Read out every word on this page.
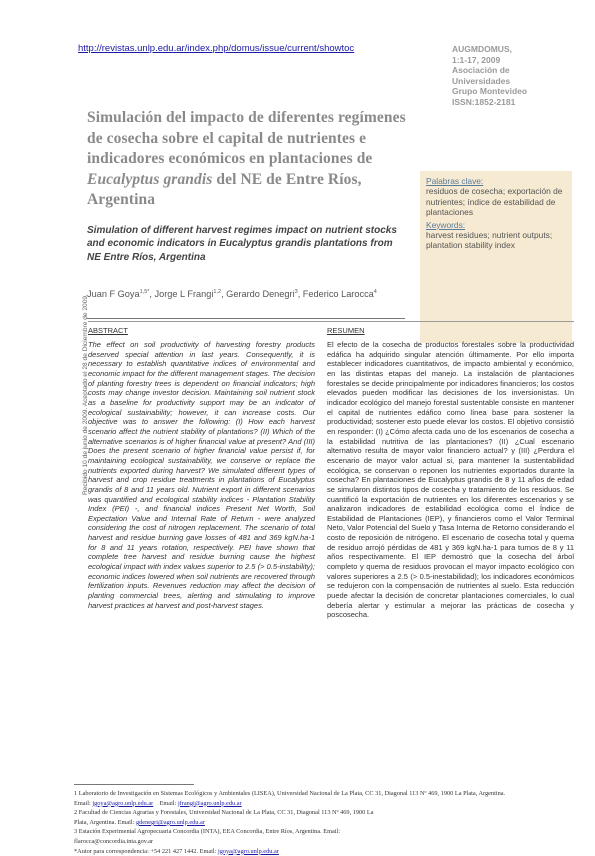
http://revistas.unlp.edu.ar/index.php/domus/issue/current/showtoc	AUGMDOMUS,
1:1-17, 2009
Asociación de
Universidades
Grupo Montevideo
ISSN:1852-2181
Simulación del impacto de diferentes regímenes de cosecha sobre el capital de nutrientes e indicadores económicos en plantaciones de Eucalyptus grandis del NE de Entre Ríos, Argentina
Simulation of different harvest regimes impact on nutrient stocks and economic indicators in Eucalyptus grandis plantations from NE Entre Ríos, Argentina
Palabras clave:
residuos de cosecha; exportación de nutrientes; índice de estabilidad de plantaciones
Keywords:
harvest residues; nutrient outputs; plantation stability index
Juan F Goya$^{1,5*}$, Jorge L Frangi$^{1,2}$, Gerardo Denegri$^3$, Federico Larocca$^4$
Recibido 10 de junio de 2009. Aceptado el 28 de Diciembre de 2009. ABSTRACT	RESUMEN
The effect on soil productivity of harvesting forestry products deserved special attention in last years. Consequently, it is necessary to establish quantitative indices of environmental and economic impact for the different management stages. The decision of planting forestry trees is dependent on financial indicators; high costs may change investor decision. Maintaining soil nutrient stock as a baseline for productivity support may be an indicator of ecological sustainability; however, it can increase costs. Our objective was to answer the following: (I) How each harvest scenario affect the nutrient stability of plantations? (II) Which of the alternative scenarios is of higher financial value at present? And (III) Does the present scenario of higher financial value persist if, for maintaining ecological sustainability, we conserve or replace the nutrients exported during harvest? We simulated different types of harvest and crop residue treatments in plantations of Eucalyptus grandis of 8 and 11 years old. Nutrient export in different scenarios was quantified and ecological stability indices - Plantation Stability Index (PEI) -, and financial indices Present Net Worth, Soil Expectation Value and Internal Rate of Return - were analyzed considering the cost of nitrogen replacement. The scenario of total harvest and residue burning gave losses of 481 and 369 kgN.ha-1 for 8 and 11 years rotation, respectively. PEI have shown that complete tree harvest and residue burning cause the highest ecological impact with index values superior to 2.5 (> 0.5-instability); economic indices lowered when soil nutrients are recovered through fertilization inputs. Revenues reduction may affect the decision of planting commercial trees, alerting and stimulating to improve harvest practices at harvest and post-harvest stages.
El efecto de la cosecha de productos forestales sobre la productividad edáfica ha adquirido singular atención últimamente. Por ello importa establecer indicadores cuantitativos, de impacto ambiental y económico, en las distintas etapas del manejo. La instalación de plantaciones forestales se decide principalmente por indicadores financieros; los costos elevados pueden modificar las decisiones de los inversionistas. Un indicador ecológico del manejo forestal sustentable consiste en mantener el capital de nutrientes edáfico como línea base para sostener la productividad; sostener esto puede elevar los costos. El objetivo consistió en responder: (I) ¿Cómo afecta cada uno de los escenarios de cosecha a la estabilidad nutritiva de las plantaciones? (II) ¿Cual escenario alternativo resulta de mayor valor financiero actual? y (III) ¿Perdura el escenario de mayor valor actual si, para mantener la sustentabilidad ecológica, se conservan o reponen los nutrientes exportados durante la cosecha? En plantaciones de Eucalyptus grandis de 8 y 11 años de edad se simularon distintos tipos de cosecha y tratamiento de los residuos. Se cuantificó la exportación de nutrientes en los diferentes escenarios y se analizaron indicadores de estabilidad ecológica como el Índice de Estabilidad de Plantaciones (IEP), y financieros como el Valor Terminal Neto, Valor Potencial del Suelo y Tasa Interna de Retorno considerando el costo de reposición de nitrógeno. El escenario de cosecha total y quema de residuo arrojó pérdidas de 481 y 369 kgN.ha-1 para turnos de 8 y 11 años respectivamente. El IEP demostró que la cosecha del árbol completo y quema de residuos provocan el mayor impacto ecológico con valores superiores a 2.5 (> 0.5-inestabilidad); los indicadores económicos se redujeron con la compensación de nutrientes al suelo. Esta reducción puede afectar la decisión de concretar plantaciones comerciales, lo cual debería alertar y estimular a mejorar las prácticas de cosecha y poscosecha.
1 Laboratorio de Investigación en Sistemas Ecológicos y Ambientales (LISEA), Universidad Nacional de La Plata, CC 31, Diagonal 113 Nº 469, 1900 La Plata, Argentina.
Email: jgoya@agro.unlp.edu.ar Email: jfrangi@agro.unlp.edu.ar
2 Facultad de Ciencias Agrarias y Forestales, Universidad Nacional de La Plata, CC 31, Diagonal 113 Nº 469, 1900 La
Plata, Argentina. Email: gdenegri@agro.unlp.edu.ar
3 Estación Experimental Agropecuaria Concordia (INTA), EEA Concordia, Entre Ríos, Argentina. Email:
flarocca@concordia.inta.gov.ar
*Autor para correspondencia: +54 221 427 1442. Email: jgoya@agro.unlp.edu.ar
